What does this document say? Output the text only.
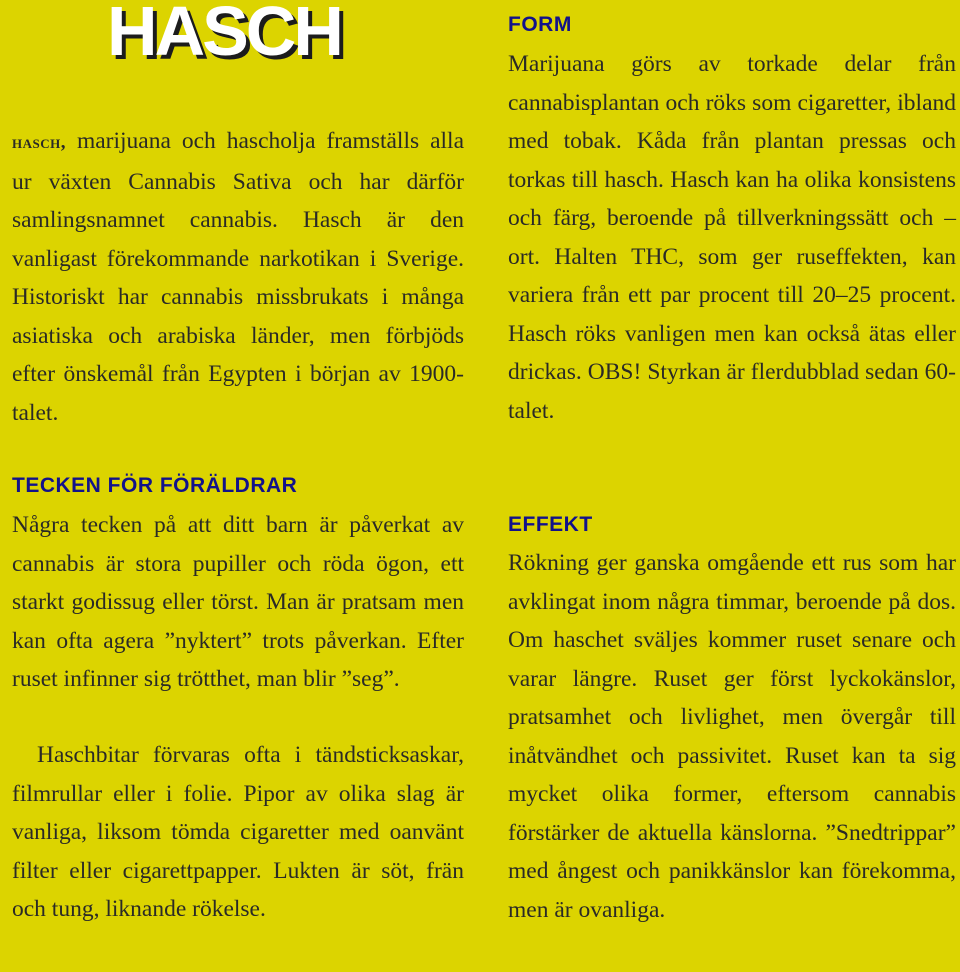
HASCH

hasch, marijuana och hascholja framställs alla ur växten Cannabis Sativa och har därför samlingsnamnet cannabis. Hasch är den vanligast förekommande narkotikan i Sverige. Historiskt har cannabis missbrukats i många asiatiska och arabiska länder, men förbjöds efter önskemål från Egypten i början av 1900-talet.

TECKEN FÖR FÖRÄLDRAR

Några tecken på att ditt barn är påverkat av cannabis är stora pupiller och röda ögon, ett starkt godissug eller törst. Man är pratsam men kan ofta agera ”nyktert” trots påverkan. Efter ruset infinner sig trötthet, man blir ”seg”.

Haschbitar förvaras ofta i tändsticksaskar, filmrullar eller i folie. Pipor av olika slag är vanliga, liksom tömda cigaretter med oanvänt filter eller cigarettpapper. Lukten är söt, frän och tung, liknande rökelse.

FORM

Marijuana görs av torkade delar från cannabisplantan och röks som cigaretter, ibland med tobak. Kåda från plantan pressas och torkas till hasch. Hasch kan ha olika konsistens och färg, beroende på tillverkningssätt och –ort. Halten THC, som ger ruseffekten, kan variera från ett par procent till 20–25 procent. Hasch röks vanligen men kan också ätas eller drickas. OBS! Styrkan är flerdubblad sedan 60-talet.

EFFEKT

Rökning ger ganska omgående ett rus som har avklingat inom några timmar, beroende på dos. Om haschet sväljes kommer ruset senare och varar längre. Ruset ger först lyckokänslor, pratsamhet och livlighet, men övergår till inåtvändhet och passivitet. Ruset kan ta sig mycket olika former, eftersom cannabis förstärker de aktuella känslorna. ”Snedtrippar” med ångest och panikkänslor kan förekomma, men är ovanliga.
